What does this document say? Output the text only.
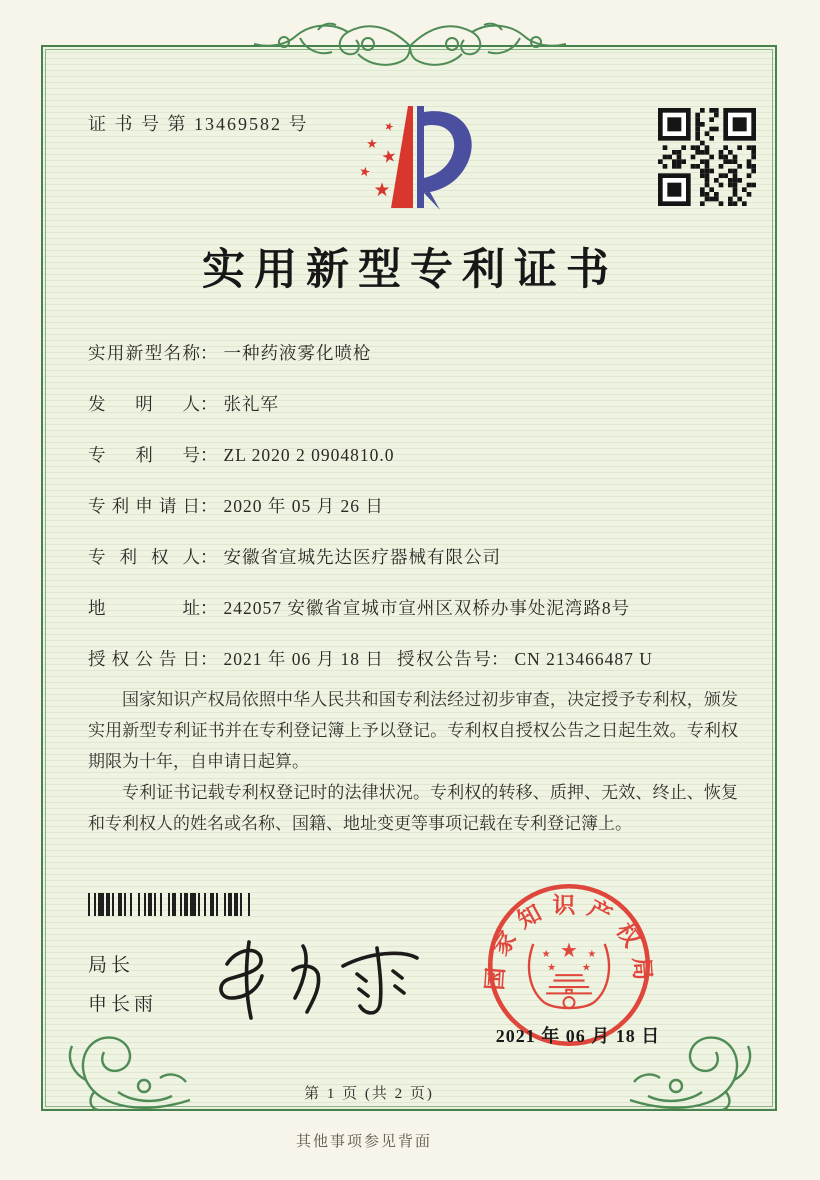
证 书 号 第 13469582 号	★
★
★
★
★
实用新型专利证书
实用新型名称： 一种药液雾化喷枪
发明人： 张礼军
专利号： ZL 2020 2 0904810.0
专利申请日： 2020 年 05 月 26 日
专利权人： 安徽省宣城先达医疗器械有限公司
地址： 242057 安徽省宣城市宣州区双桥办事处泥湾路8号
授权公告日： 2021 年 06 月 18 日 授权公告号： CN 213466487 U

国家知识产权局依照中华人民共和国专利法经过初步审查，决定授予专利权，颁发实用新型专利证书并在专利登记簿上予以登记。专利权自授权公告之日起生效。专利权期限为十年，自申请日起算。

专利证书记载专利权登记时的法律状况。专利权的转移、质押、无效、终止、恢复和专利权人的姓名或名称、国籍、地址变更等事项记载在专利登记簿上。

局长
申长雨
国家知识产权局
★
★	★
★ ★
2021 年 06 月 18 日
第 1 页 (共 2 页)
其他事项参见背面
